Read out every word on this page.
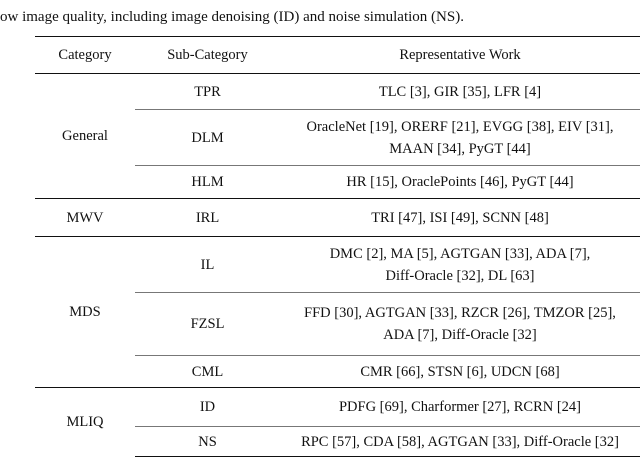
ow image quality, including image denoising (ID) and noise simulation (NS).
Category	Sub-Category	Representative Work
General	TPR	TLC [3], GIR [35], LFR [4]
	DLM	OracleNet [19], ORERF [21], EVGG [38], EIV [31],
MAAN [34], PyGT [44]
	HLM	HR [15], OraclePoints [46], PyGT [44]
MWV	IRL	TRI [47], ISI [49], SCNN [48]
MDS	IL	DMC [2], MA [5], AGTGAN [33], ADA [7],
Diff-Oracle [32], DL [63]
	FZSL	FFD [30], AGTGAN [33], RZCR [26], TMZOR [25],
ADA [7], Diff-Oracle [32]
	CML	CMR [66], STSN [6], UDCN [68]
MLIQ	ID	PDFG [69], Charformer [27], RCRN [24]
	NS	RPC [57], CDA [58], AGTGAN [33], Diff-Oracle [32]
